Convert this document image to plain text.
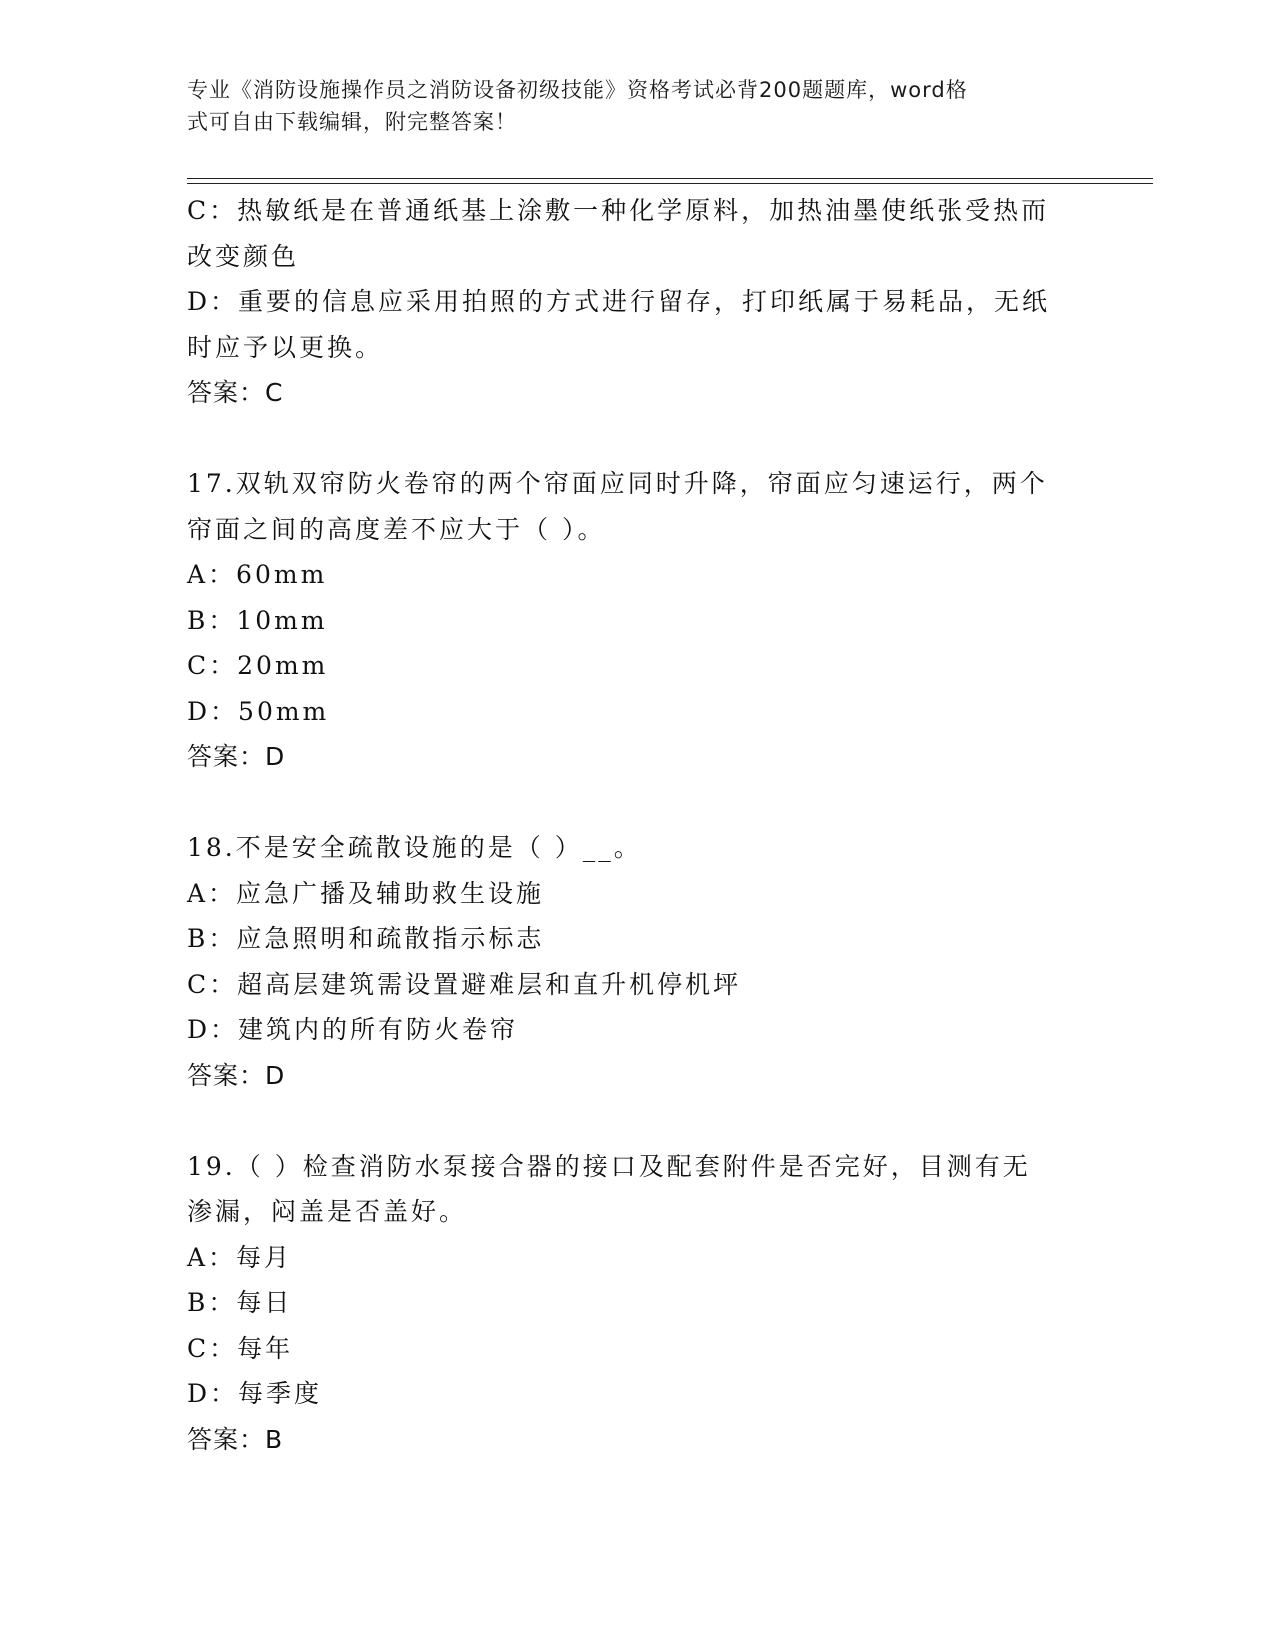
专业《消防设施操作员之消防设备初级技能》资格考试必背200题题库，word格
式可自由下载编辑，附完整答案！
C：热敏纸是在普通纸基上涂敷一种化学原料，加热油墨使纸张受热而
改变颜色
D：重要的信息应采用拍照的方式进行留存，打印纸属于易耗品，无纸
时应予以更换。
答案：C
17.双轨双帘防火卷帘的两个帘面应同时升降，帘面应匀速运行，两个
帘面之间的高度差不应大于（ ）。
A：60mm
B：10mm
C：20mm
D：50mm
答案：D
18.不是安全疏散设施的是（ ）__。
A：应急广播及辅助救生设施
B：应急照明和疏散指示标志
C：超高层建筑需设置避难层和直升机停机坪
D：建筑内的所有防火卷帘
答案：D
19.（ ）检查消防水泵接合器的接口及配套附件是否完好，目测有无
渗漏，闷盖是否盖好。
A：每月
B：每日
C：每年
D：每季度
答案：B
